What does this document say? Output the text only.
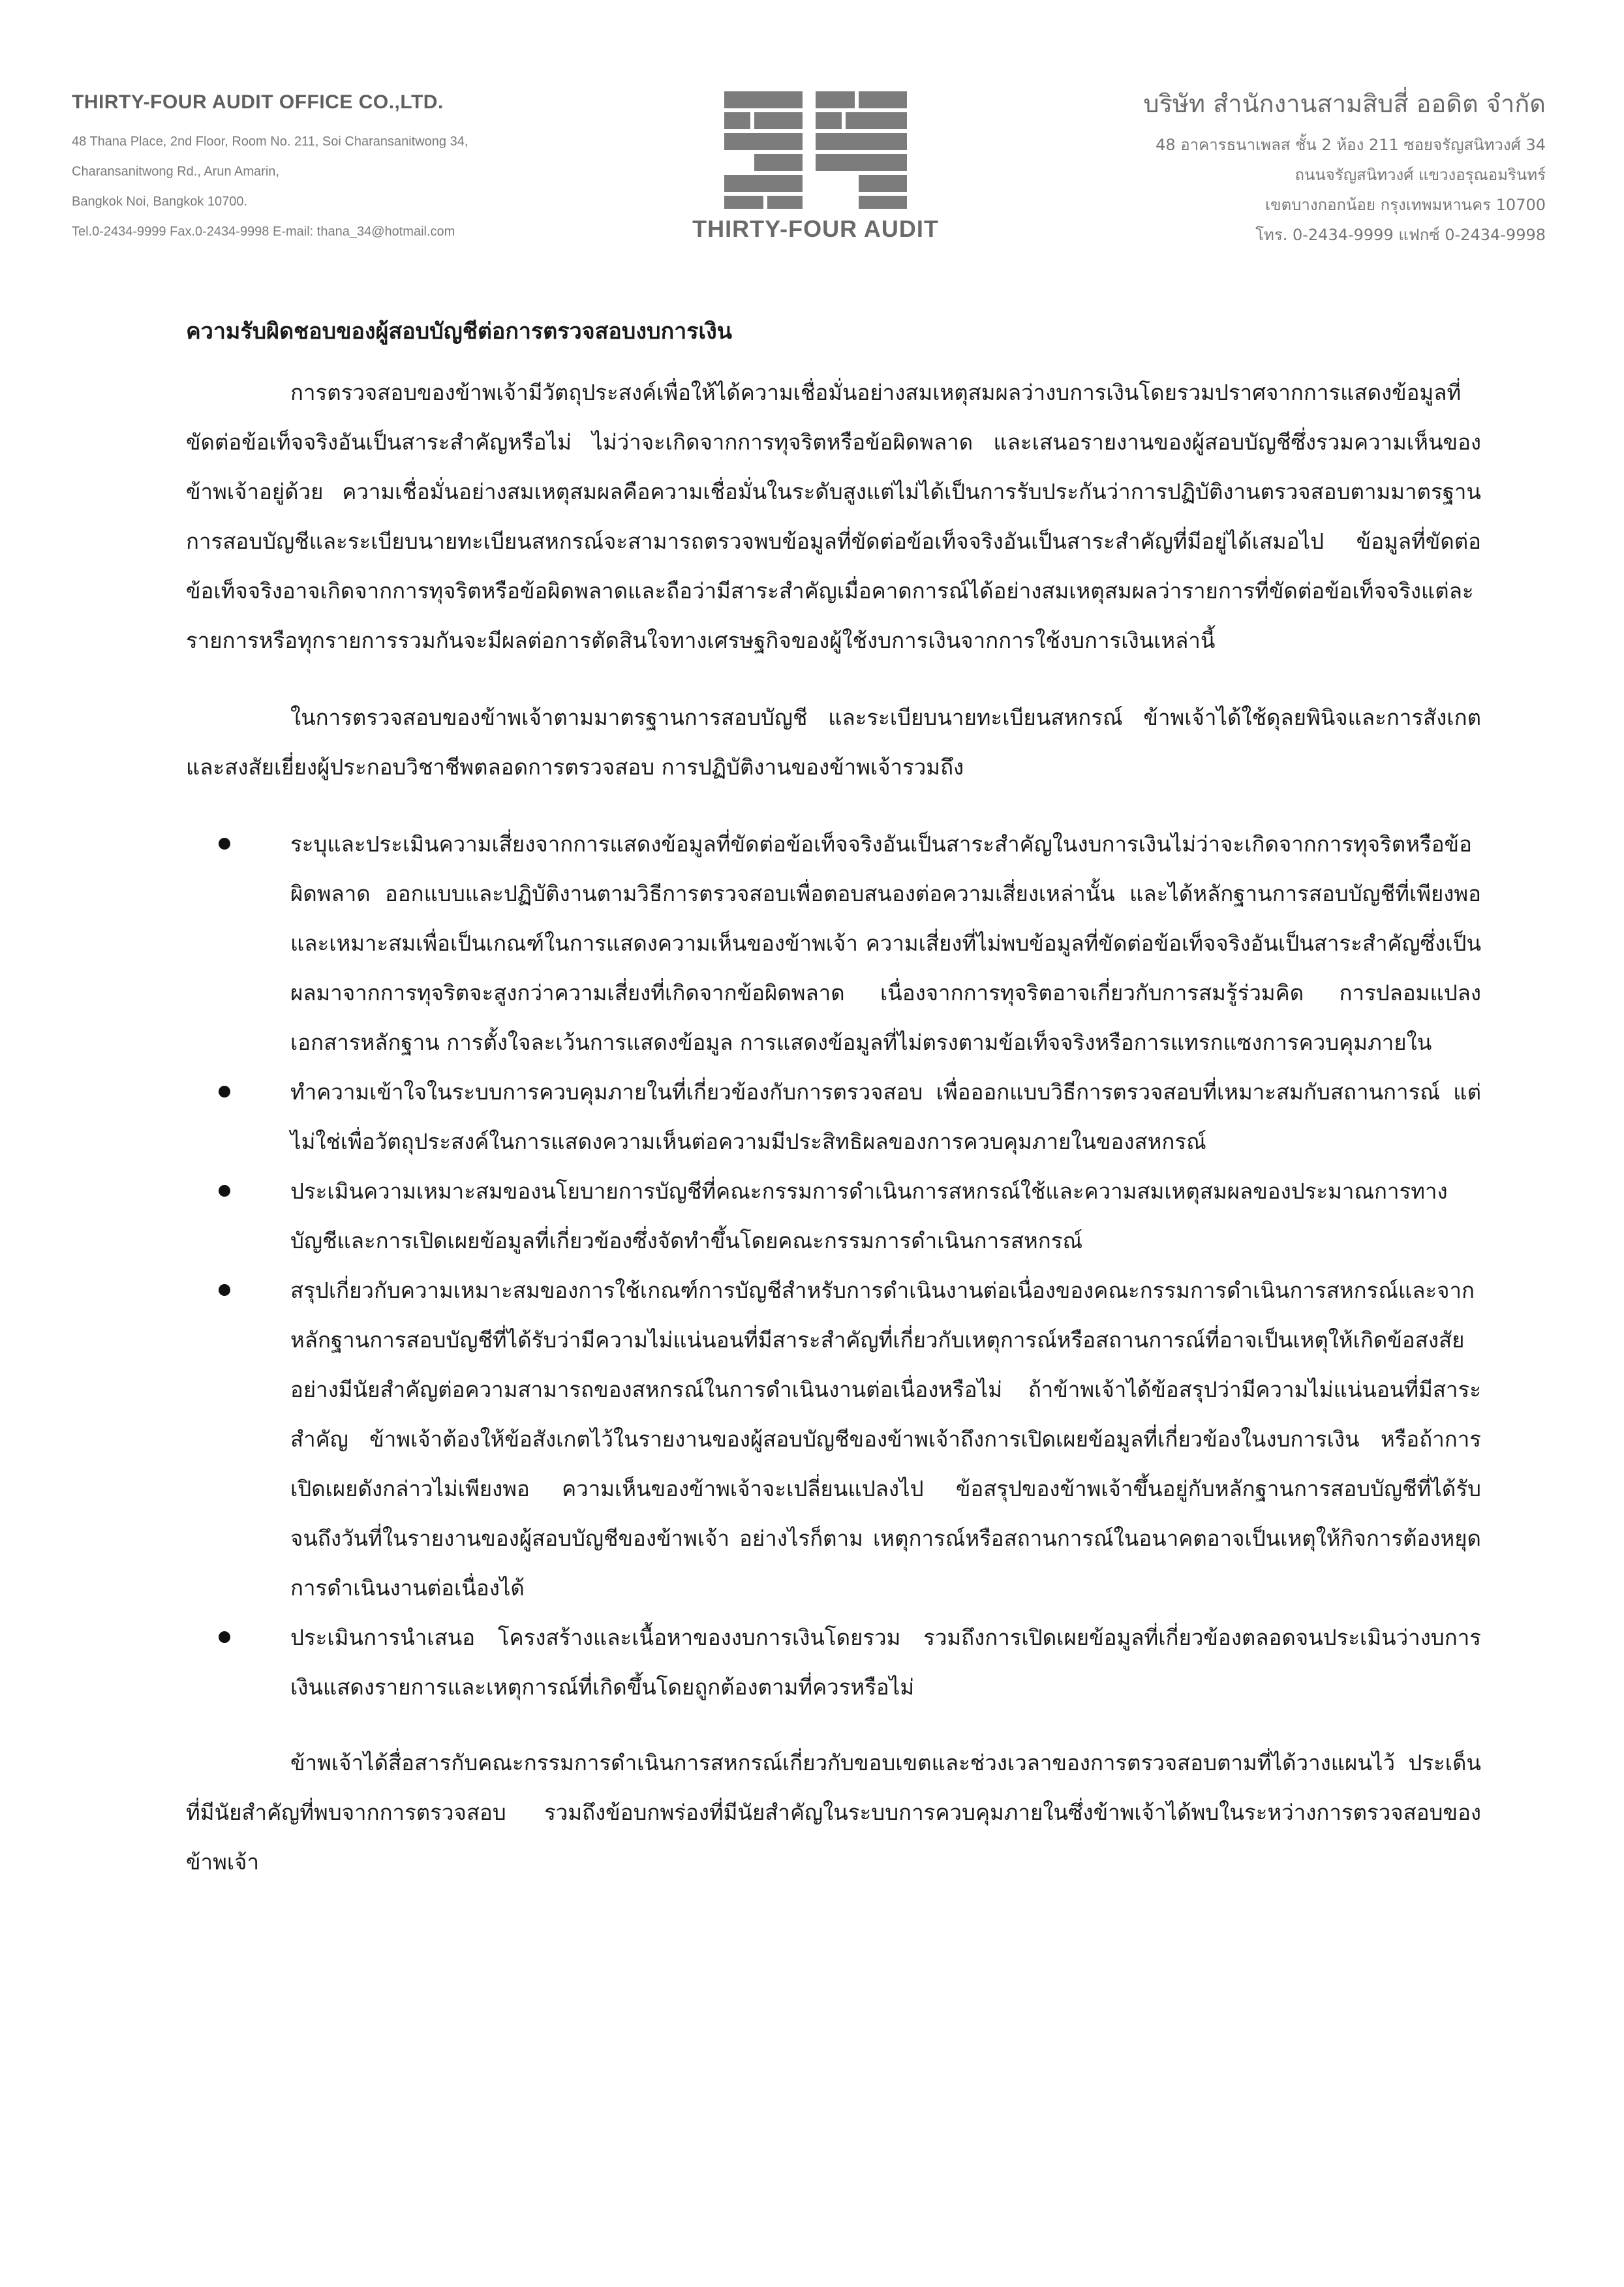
THIRTY-FOUR AUDIT OFFICE CO.,LTD.
48 Thana Place, 2nd Floor, Room No. 211, Soi Charansanitwong 34,
Charansanitwong Rd., Arun Amarin,
Bangkok Noi, Bangkok 10700.
Tel.0-2434-9999 Fax.0-2434-9998 E-mail: thana_34@hotmail.com	THIRTY-FOUR AUDIT
บริษัท สำนักงานสามสิบสี่ ออดิต จำกัด
48 อาคารธนาเพลส ชั้น 2 ห้อง 211 ซอยจรัญสนิทวงศ์ 34
ถนนจรัญสนิทวงศ์ แขวงอรุณอมรินทร์
เขตบางกอกน้อย กรุงเทพมหานคร 10700
โทร. 0-2434-9999 แฟกซ์ 0-2434-9998
ความรับผิดชอบของผู้สอบบัญชีต่อการตรวจสอบงบการเงิน

การตรวจสอบของข้าพเจ้ามีวัตถุประสงค์เพื่อให้ได้ความเชื่อมั่นอย่างสมเหตุสมผลว่างบการเงินโดยรวมปราศจากการแสดงข้อมูลที่ขัดต่อข้อเท็จจริงอันเป็นสาระสำคัญหรือไม่ ไม่ว่าจะเกิดจากการทุจริตหรือข้อผิดพลาด และเสนอรายงานของผู้สอบบัญชีซึ่งรวมความเห็นของข้าพเจ้าอยู่ด้วย ความเชื่อมั่นอย่างสมเหตุสมผลคือความเชื่อมั่นในระดับสูงแต่ไม่ได้เป็นการรับประกันว่าการปฏิบัติงานตรวจสอบตามมาตรฐานการสอบบัญชีและระเบียบนายทะเบียนสหกรณ์จะสามารถตรวจพบข้อมูลที่ขัดต่อข้อเท็จจริงอันเป็นสาระสำคัญที่มีอยู่ได้เสมอไป ข้อมูลที่ขัดต่อข้อเท็จจริงอาจเกิดจากการทุจริตหรือข้อผิดพลาดและถือว่ามีสาระสำคัญเมื่อคาดการณ์ได้อย่างสมเหตุสมผลว่ารายการที่ขัดต่อข้อเท็จจริงแต่ละรายการหรือทุกรายการรวมกันจะมีผลต่อการตัดสินใจทางเศรษฐกิจของผู้ใช้งบการเงินจากการใช้งบการเงินเหล่านี้

ในการตรวจสอบของข้าพเจ้าตามมาตรฐานการสอบบัญชี และระเบียบนายทะเบียนสหกรณ์ ข้าพเจ้าได้ใช้ดุลยพินิจและการสังเกตและสงสัยเยี่ยงผู้ประกอบวิชาชีพตลอดการตรวจสอบ การปฏิบัติงานของข้าพเจ้ารวมถึง

ระบุและประเมินความเสี่ยงจากการแสดงข้อมูลที่ขัดต่อข้อเท็จจริงอันเป็นสาระสำคัญในงบการเงินไม่ว่าจะเกิดจากการทุจริตหรือข้อผิดพลาด ออกแบบและปฏิบัติงานตามวิธีการตรวจสอบเพื่อตอบสนองต่อความเสี่ยงเหล่านั้น และได้หลักฐานการสอบบัญชีที่เพียงพอและเหมาะสมเพื่อเป็นเกณฑ์ในการแสดงความเห็นของข้าพเจ้า ความเสี่ยงที่ไม่พบข้อมูลที่ขัดต่อข้อเท็จจริงอันเป็นสาระสำคัญซึ่งเป็นผลมาจากการทุจริตจะสูงกว่าความเสี่ยงที่เกิดจากข้อผิดพลาด เนื่องจากการทุจริตอาจเกี่ยวกับการสมรู้ร่วมคิด การปลอมแปลงเอกสารหลักฐาน การตั้งใจละเว้นการแสดงข้อมูล การแสดงข้อมูลที่ไม่ตรงตามข้อเท็จจริงหรือการแทรกแซงการควบคุมภายใน
ทำความเข้าใจในระบบการควบคุมภายในที่เกี่ยวข้องกับการตรวจสอบ เพื่อออกแบบวิธีการตรวจสอบที่เหมาะสมกับสถานการณ์ แต่ไม่ใช่เพื่อวัตถุประสงค์ในการแสดงความเห็นต่อความมีประสิทธิผลของการควบคุมภายในของสหกรณ์
ประเมินความเหมาะสมของนโยบายการบัญชีที่คณะกรรมการดำเนินการสหกรณ์ใช้และความสมเหตุสมผลของประมาณการทางบัญชีและการเปิดเผยข้อมูลที่เกี่ยวข้องซึ่งจัดทำขึ้นโดยคณะกรรมการดำเนินการสหกรณ์
สรุปเกี่ยวกับความเหมาะสมของการใช้เกณฑ์การบัญชีสำหรับการดำเนินงานต่อเนื่องของคณะกรรมการดำเนินการสหกรณ์และจากหลักฐานการสอบบัญชีที่ได้รับว่ามีความไม่แน่นอนที่มีสาระสำคัญที่เกี่ยวกับเหตุการณ์หรือสถานการณ์ที่อาจเป็นเหตุให้เกิดข้อสงสัยอย่างมีนัยสำคัญต่อความสามารถของสหกรณ์ในการดำเนินงานต่อเนื่องหรือไม่ ถ้าข้าพเจ้าได้ข้อสรุปว่ามีความไม่แน่นอนที่มีสาระสำคัญ ข้าพเจ้าต้องให้ข้อสังเกตไว้ในรายงานของผู้สอบบัญชีของข้าพเจ้าถึงการเปิดเผยข้อมูลที่เกี่ยวข้องในงบการเงิน หรือถ้าการเปิดเผยดังกล่าวไม่เพียงพอ ความเห็นของข้าพเจ้าจะเปลี่ยนแปลงไป ข้อสรุปของข้าพเจ้าขึ้นอยู่กับหลักฐานการสอบบัญชีที่ได้รับจนถึงวันที่ในรายงานของผู้สอบบัญชีของข้าพเจ้า อย่างไรก็ตาม เหตุการณ์หรือสถานการณ์ในอนาคตอาจเป็นเหตุให้กิจการต้องหยุดการดำเนินงานต่อเนื่องได้
ประเมินการนำเสนอ โครงสร้างและเนื้อหาของงบการเงินโดยรวม รวมถึงการเปิดเผยข้อมูลที่เกี่ยวข้องตลอดจนประเมินว่างบการเงินแสดงรายการและเหตุการณ์ที่เกิดขึ้นโดยถูกต้องตามที่ควรหรือไม่

ข้าพเจ้าได้สื่อสารกับคณะกรรมการดำเนินการสหกรณ์เกี่ยวกับขอบเขตและช่วงเวลาของการตรวจสอบตามที่ได้วางแผนไว้ ประเด็นที่มีนัยสำคัญที่พบจากการตรวจสอบ รวมถึงข้อบกพร่องที่มีนัยสำคัญในระบบการควบคุมภายในซึ่งข้าพเจ้าได้พบในระหว่างการตรวจสอบของข้าพเจ้า
